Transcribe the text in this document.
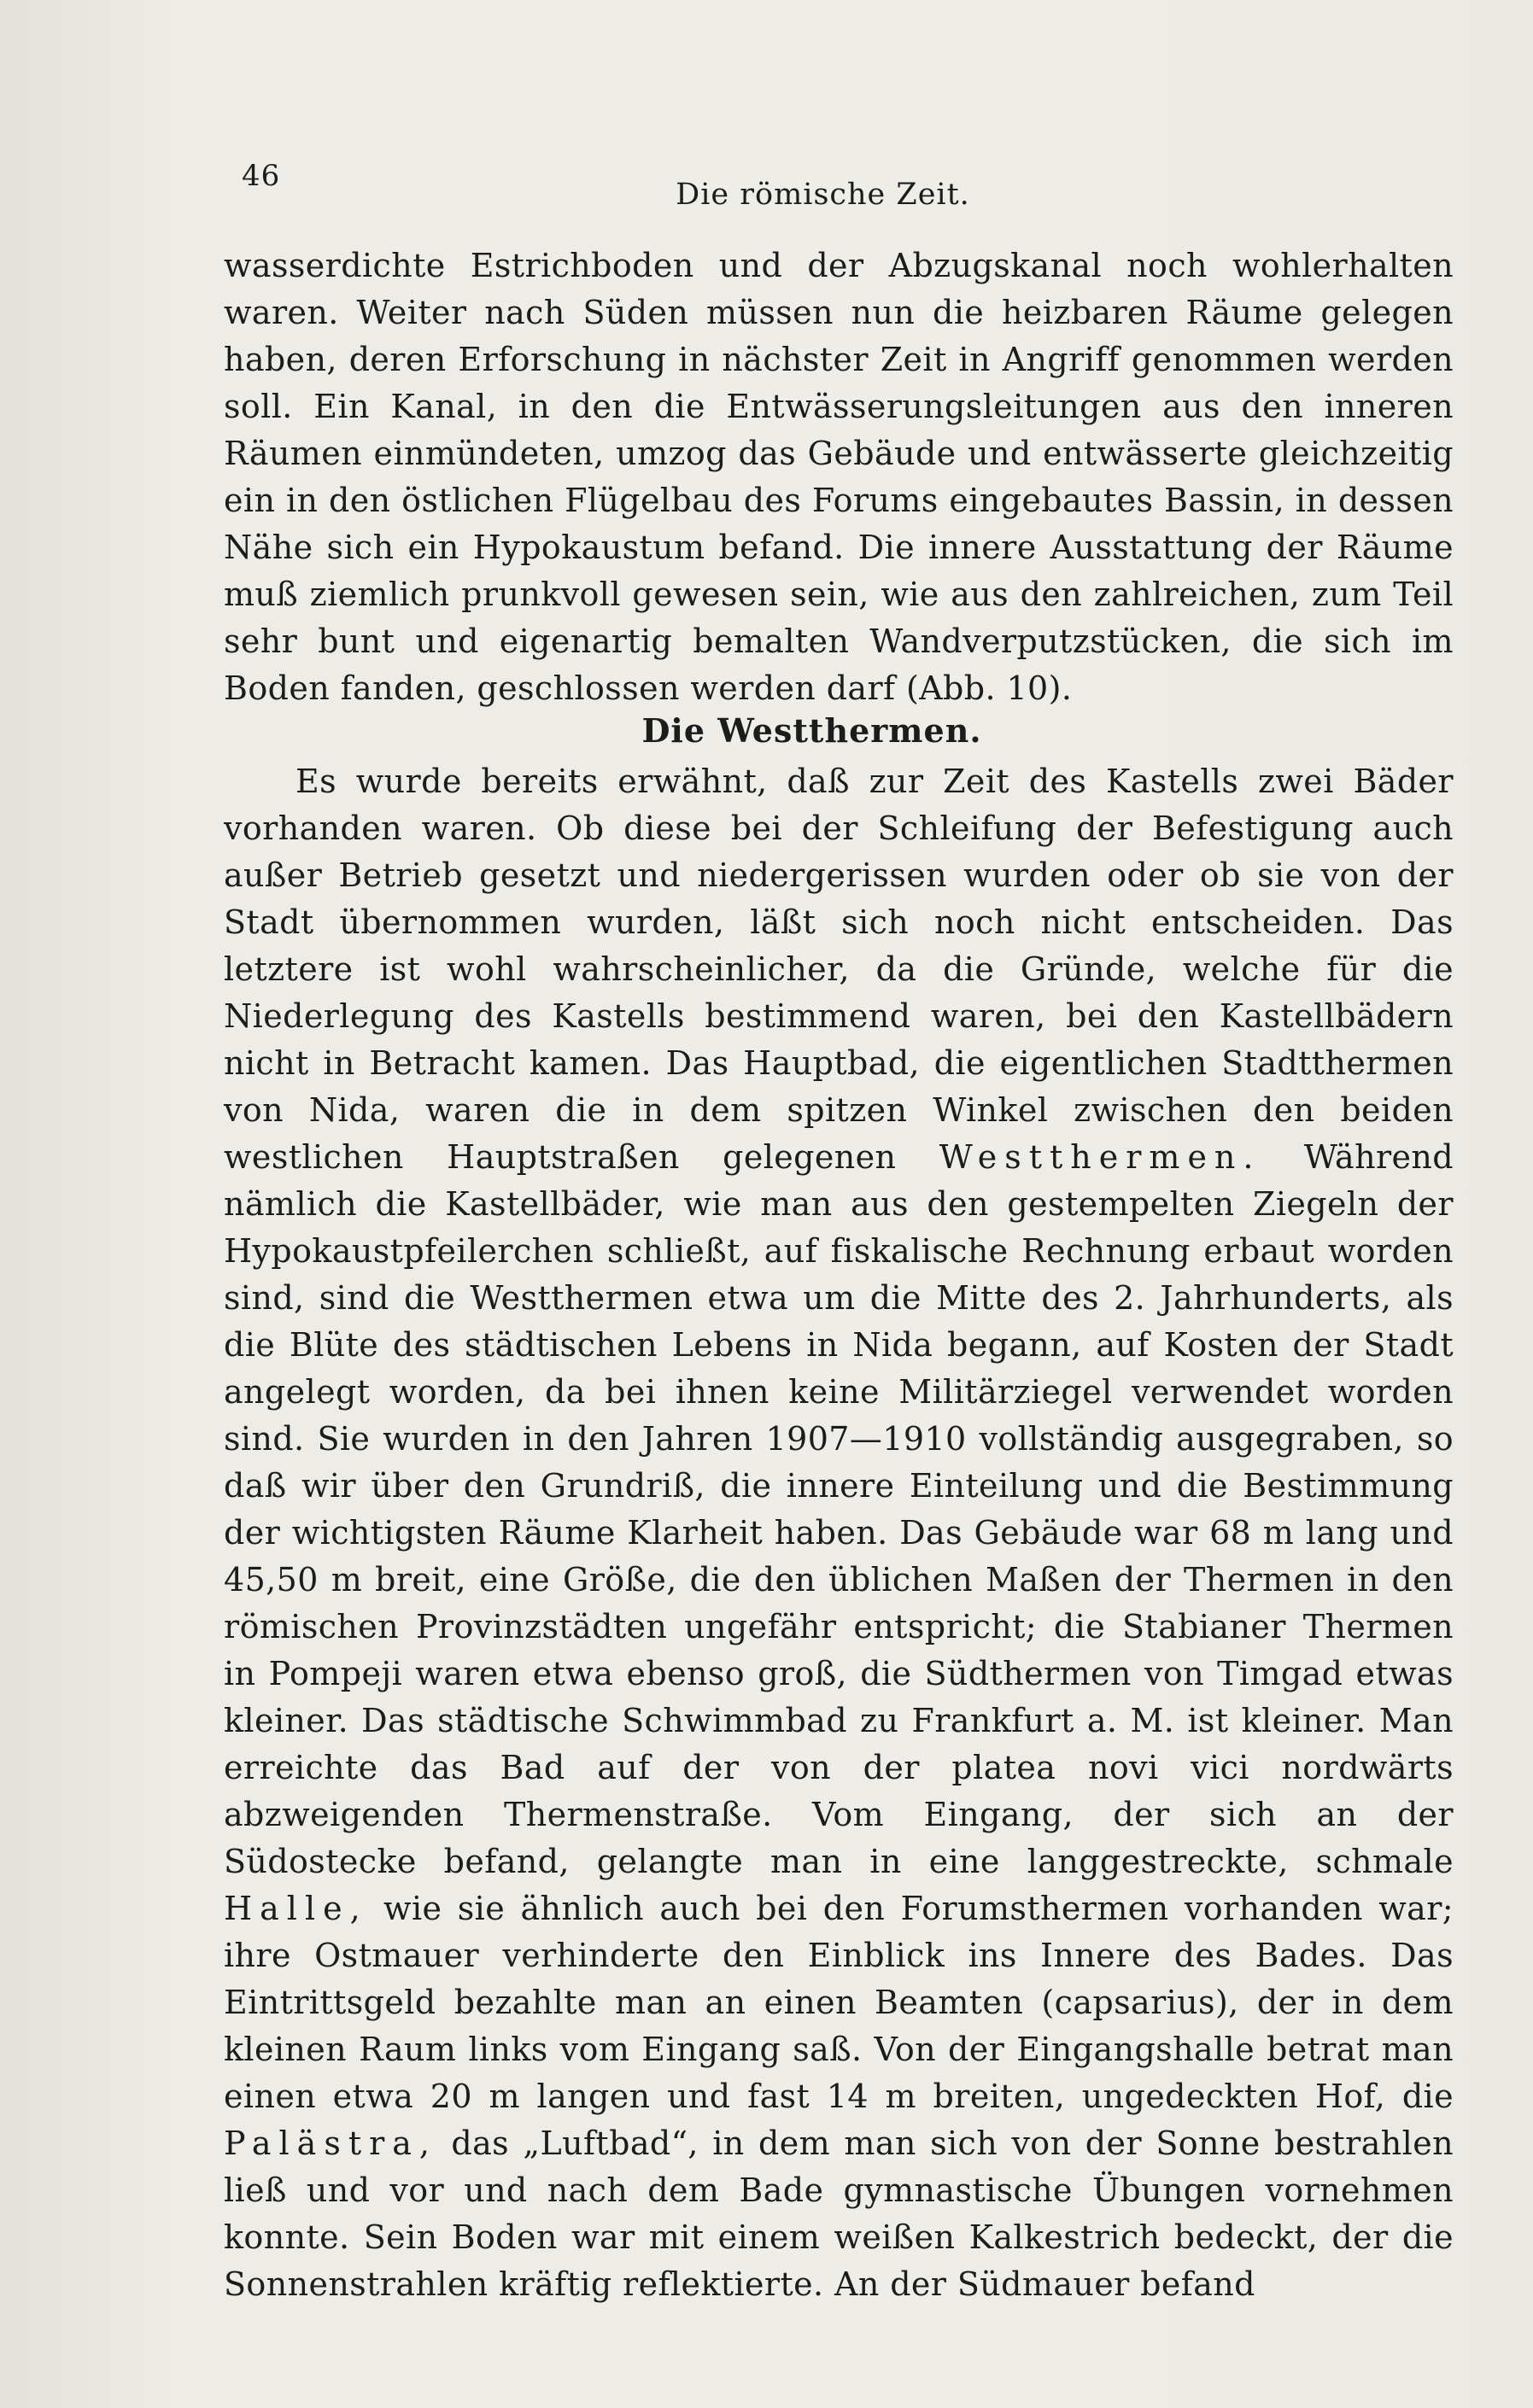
46
Die römische Zeit.

wasserdichte Estrichboden und der Abzugskanal noch wohlerhalten waren. Weiter nach Süden müssen nun die heizbaren Räume gelegen haben, deren Erforschung in nächster Zeit in Angriff genommen werden soll. Ein Kanal, in den die Entwässerungsleitungen aus den inneren Räumen einmündeten, umzog das Gebäude und entwässerte gleichzeitig ein in den östlichen Flügelbau des Forums eingebautes Bassin, in dessen Nähe sich ein Hypokaustum befand. Die innere Ausstattung der Räume muß ziemlich prunkvoll gewesen sein, wie aus den zahlreichen, zum Teil sehr bunt und eigenartig bemalten Wandverputzstücken, die sich im Boden fanden, geschlossen werden darf (Abb. 10).

Die Westthermen.

Es wurde bereits erwähnt, daß zur Zeit des Kastells zwei Bäder vorhanden waren. Ob diese bei der Schleifung der Befestigung auch außer Betrieb gesetzt und niedergerissen wurden oder ob sie von der Stadt übernommen wurden, läßt sich noch nicht entscheiden. Das letztere ist wohl wahrscheinlicher, da die Gründe, welche für die Niederlegung des Kastells bestimmend waren, bei den Kastellbädern nicht in Betracht kamen. Das Hauptbad, die eigentlichen Stadtthermen von Nida, waren die in dem spitzen Winkel zwischen den beiden westlichen Hauptstraßen gelegenen Westthermen. Während nämlich die Kastellbäder, wie man aus den gestempelten Ziegeln der Hypokaustpfeilerchen schließt, auf fiskalische Rechnung erbaut worden sind, sind die Westthermen etwa um die Mitte des 2. Jahrhunderts, als die Blüte des städtischen Lebens in Nida begann, auf Kosten der Stadt angelegt worden, da bei ihnen keine Militärziegel verwendet worden sind. Sie wurden in den Jahren 1907—1910 vollständig ausgegraben, so daß wir über den Grundriß, die innere Einteilung und die Bestimmung der wichtigsten Räume Klarheit haben. Das Gebäude war 68 m lang und 45,50 m breit, eine Größe, die den üblichen Maßen der Thermen in den römischen Provinzstädten ungefähr entspricht; die Stabianer Thermen in Pompeji waren etwa ebenso groß, die Südthermen von Timgad etwas kleiner. Das städtische Schwimmbad zu Frankfurt a. M. ist kleiner. Man erreichte das Bad auf der von der platea novi vici nordwärts abzweigenden Thermenstraße. Vom Eingang, der sich an der Südostecke befand, gelangte man in eine langgestreckte, schmale Halle, wie sie ähnlich auch bei den Forumsthermen vorhanden war; ihre Ostmauer verhinderte den Einblick ins Innere des Bades. Das Eintrittsgeld bezahlte man an einen Beamten (capsarius), der in dem kleinen Raum links vom Eingang saß. Von der Eingangshalle betrat man einen etwa 20 m langen und fast 14 m breiten, ungedeckten Hof, die Palästra, das „Luftbad“, in dem man sich von der Sonne bestrahlen ließ und vor und nach dem Bade gymnastische Übungen vornehmen konnte. Sein Boden war mit einem weißen Kalkestrich bedeckt, der die Sonnenstrahlen kräftig reflektierte. An der Südmauer befand
